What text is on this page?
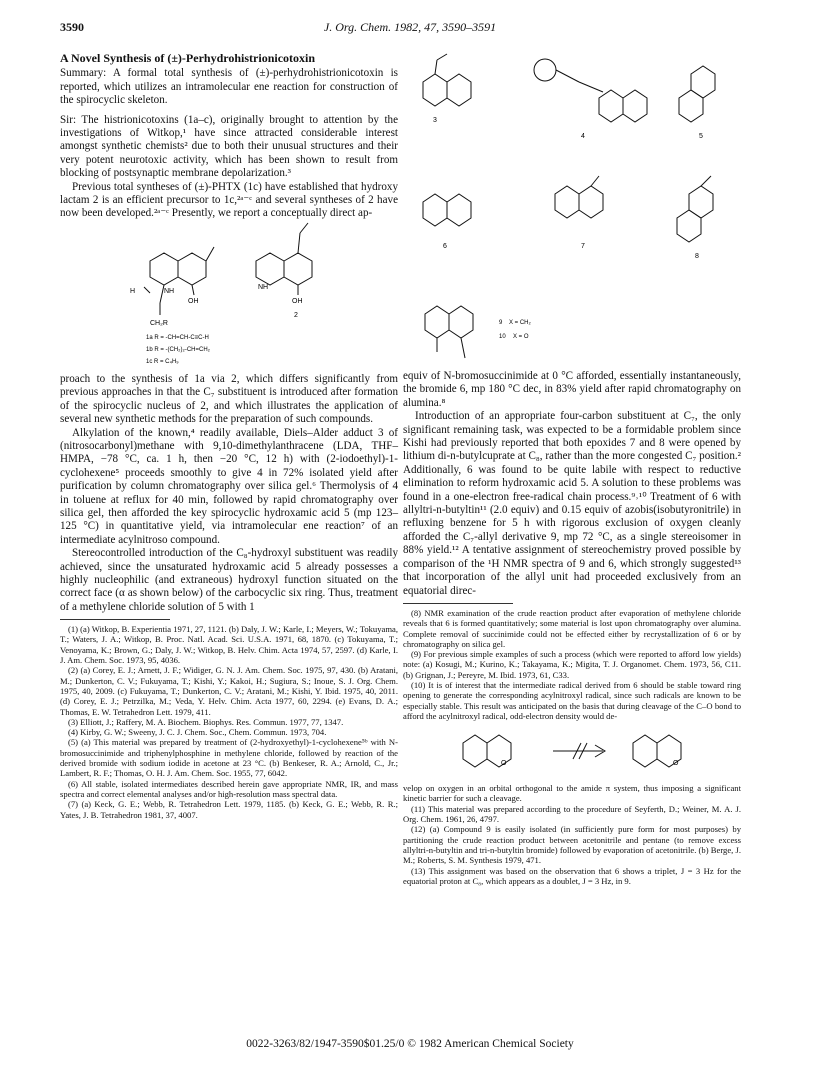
3590	J. Org. Chem. 1982, 47, 3590–3591
A Novel Synthesis of (±)-Perhydrohistrionicotoxin
Summary: A formal total synthesis of (±)-perhydrohistrionicotoxin is reported, which utilizes an intramolecular ene reaction for construction of the spirocyclic skeleton.
Sir: The histrionicotoxins (1a–c), originally brought to attention by the investigations of Witkop,¹ have since attracted considerable interest amongst synthetic chemists² due to both their unusual structures and their very potent neurotoxic activity, which has been shown to result from blocking of postsynaptic membrane depolarization.³
Previous total syntheses of (±)-PHTX (1c) have established that hydroxy lactam 2 is an efficient precursor to 1c,²ᵃ⁻ᶜ and several syntheses of 2 have now been developed.²ᵃ⁻ᶜ Presently, we report a conceptually direct ap-
NH
OH
H
CH₂R
NH
OH
2
1a R = -CH=CH-C≡C-H
1b R = -(CH₂)₂-CH=CH₂
1c R = C₄H₉
proach to the synthesis of 1a via 2, which differs significantly from previous approaches in that the C₇ substituent is introduced after formation of the spirocyclic nucleus of 2, and which illustrates the application of several new synthetic methods for the preparation of such compounds.
Alkylation of the known,⁴ readily available, Diels–Alder adduct 3 of (nitrosocarbonyl)methane with 9,10-dimethylanthracene (LDA, THF–HMPA, −78 °C, ca. 1 h, then −20 °C, 12 h) with (2-iodoethyl)-1-cyclohexene⁵ proceeds smoothly to give 4 in 72% isolated yield after purification by column chromatography over silica gel.⁶ Thermolysis of 4 in toluene at reflux for 40 min, followed by rapid chromatography over silica gel, then afforded the key spirocyclic hydroxamic acid 5 (mp 123–125 °C) in quantitative yield, via intramolecular ene reaction⁷ of an intermediate acylnitroso compound.
Stereocontrolled introduction of the C₈-hydroxyl substituent was readily achieved, since the unsaturated hydroxamic acid 5 already possesses a highly nucleophilic (and extraneous) hydroxyl function situated on the correct face (α as shown below) of the carbocyclic six ring. Thus, treatment of a methylene chloride solution of 5 with 1

(1) (a) Witkop, B. Experientia 1971, 27, 1121. (b) Daly, J. W.; Karle, I.; Meyers, W.; Tokuyama, T.; Waters, J. A.; Witkop, B. Proc. Natl. Acad. Sci. U.S.A. 1971, 68, 1870. (c) Tokuyama, T.; Venoyama, K.; Brown, G.; Daly, J. W.; Witkop, B. Helv. Chim. Acta 1974, 57, 2597. (d) Karle, I. J. Am. Chem. Soc. 1973, 95, 4036.

(2) (a) Corey, E. J.; Arnett, J. F.; Widiger, G. N. J. Am. Chem. Soc. 1975, 97, 430. (b) Aratani, M.; Dunkerton, C. V.; Fukuyama, T.; Kishi, Y.; Kakoi, H.; Sugiura, S.; Inoue, S. J. Org. Chem. 1975, 40, 2009. (c) Fukuyama, T.; Dunkerton, C. V.; Aratani, M.; Kishi, Y. Ibid. 1975, 40, 2011. (d) Corey, E. J.; Petrzilka, M.; Veda, Y. Helv. Chim. Acta 1977, 60, 2294. (e) Evans, D. A.; Thomas, E. W. Tetrahedron Lett. 1979, 411.

(3) Elliott, J.; Raffery, M. A. Biochem. Biophys. Res. Commun. 1977, 77, 1347.

(4) Kirby, G. W.; Sweeny, J. C. J. Chem. Soc., Chem. Commun. 1973, 704.

(5) (a) This material was prepared by treatment of (2-hydroxyethyl)-1-cyclohexene⁵ᵇ with N-bromosuccinimide and triphenylphosphine in methylene chloride, followed by reaction of the derived bromide with sodium iodide in acetone at 23 °C. (b) Benkeser, R. A.; Arnold, C., Jr.; Lambert, R. F.; Thomas, O. H. J. Am. Chem. Soc. 1955, 77, 6042.

(6) All stable, isolated intermediates described herein gave appropriate NMR, IR, and mass spectra and correct elemental analyses and/or high-resolution mass spectral data.

(7) (a) Keck, G. E.; Webb, R. Tetrahedron Lett. 1979, 1185. (b) Keck, G. E.; Webb, R. R.; Yates, J. B. Tetrahedron 1981, 37, 4007.

3
4	5
6	7
8
9 X = CH₂
10 X = O
equiv of N-bromosuccinimide at 0 °C afforded, essentially instantaneously, the bromide 6, mp 180 °C dec, in 83% yield after rapid chromatography on alumina.⁸
Introduction of an appropriate four-carbon substituent at C₇, the only significant remaining task, was expected to be a formidable problem since Kishi had previously reported that both epoxides 7 and 8 were opened by lithium di-n-butylcuprate at C₈, rather than the more congested C₇ position.² Additionally, 6 was found to be quite labile with respect to reductive elimination to reform hydroxamic acid 5. A solution to these problems was found in a one-electron free-radical chain process.⁹˒¹⁰ Treatment of 6 with allyltri-n-butyltin¹¹ (2.0 equiv) and 0.15 equiv of azobis(isobutyronitrile) in refluxing benzene for 5 h with rigorous exclusion of oxygen cleanly afforded the C₇-allyl derivative 9, mp 72 °C, as a single stereoisomer in 88% yield.¹² A tentative assignment of stereochemistry proved possible by comparison of the ¹H NMR spectra of 9 and 6, which strongly suggested¹³ that incorporation of the allyl unit had proceeded exclusively from an equatorial direc-

(8) NMR examination of the crude reaction product after evaporation of methylene chloride reveals that 6 is formed quantitatively; some material is lost upon chromatography over alumina. Complete removal of succinimide could not be effected either by recrystallization of 6 or by chromatography on silica gel.

(9) For previous simple examples of such a process (which were reported to afford low yields) note: (a) Kosugi, M.; Kurino, K.; Takayama, K.; Migita, T. J. Organomet. Chem. 1973, 56, C11. (b) Grignan, J.; Pereyre, M. Ibid. 1973, 61, C33.

(10) It is of interest that the intermediate radical derived from 6 should be stable toward ring opening to generate the corresponding acylnitroxyl radical, since such radicals are known to be especially stable. This result was anticipated on the basis that during cleavage of the C–O bond to afford the acylnitroxyl radical, odd-electron density would de-

O	O

velop on oxygen in an orbital orthogonal to the amide π system, thus imposing a significant kinetic barrier for such a cleavage.

(11) This material was prepared according to the procedure of Seyferth, D.; Weiner, M. A. J. Org. Chem. 1961, 26, 4797.

(12) (a) Compound 9 is easily isolated (in sufficiently pure form for most purposes) by partitioning the crude reaction product between acetonitrile and pentane (to remove excess allyltri-n-butyltin and tri-n-butyltin bromide) followed by evaporation of acetonitrile. (b) Berge, J. M.; Roberts, S. M. Synthesis 1979, 471.

(13) This assignment was based on the observation that 6 shows a triplet, J = 3 Hz for the equatorial proton at C₈, which appears as a doublet, J = 3 Hz, in 9.

0022-3263/82/1947-3590$01.25/0 © 1982 American Chemical Society
